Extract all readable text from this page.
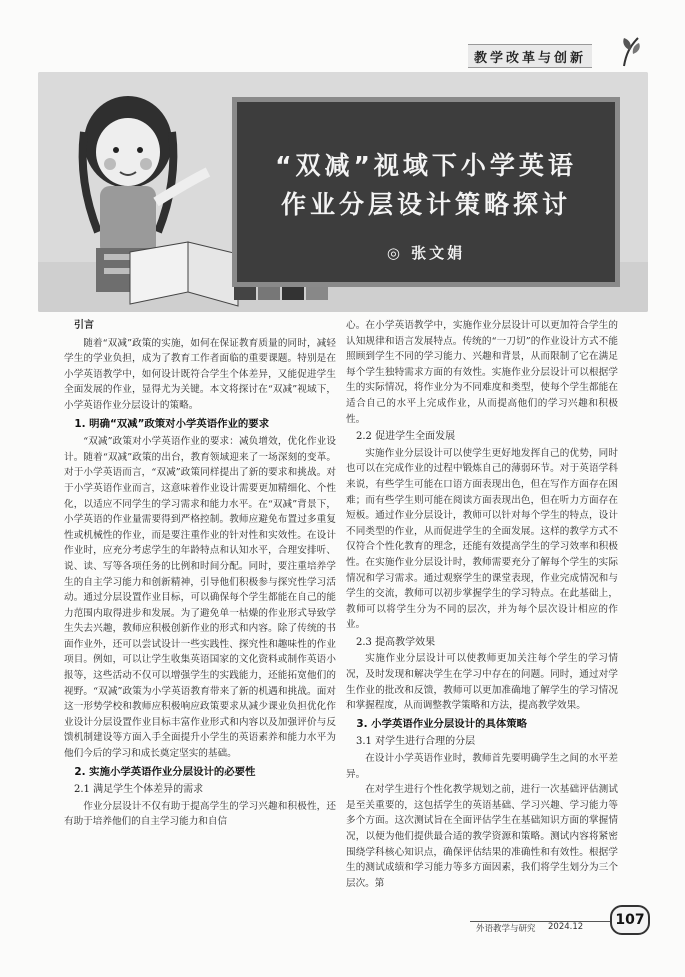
教学改革与创新
“双减”视域下小学英语
作业分层设计策略探讨
◎ 张文娟
引言

随着“双减”政策的实施，如何在保证教育质量的同时，减轻学生的学业负担，成为了教育工作者面临的重要课题。特别是在小学英语教学中，如何设计既符合学生个体差异，又能促进学生全面发展的作业，显得尤为关键。本文将探讨在“双减”视域下，小学英语作业分层设计的策略。

1. 明确“双减”政策对小学英语作业的要求

“双减”政策对小学英语作业的要求：减负增效，优化作业设计。随着“双减”政策的出台，教育领域迎来了一场深刻的变革。对于小学英语而言，“双减”政策同样提出了新的要求和挑战。对于小学英语作业而言，这意味着作业设计需要更加精细化、个性化，以适应不同学生的学习需求和能力水平。在“双减”背景下，小学英语的作业量需要得到严格控制。教师应避免布置过多重复性或机械性的作业，而是要注重作业的针对性和实效性。在设计作业时，应充分考虑学生的年龄特点和认知水平，合理安排听、说、读、写等各项任务的比例和时间分配。同时，要注重培养学生的自主学习能力和创新精神，引导他们积极参与探究性学习活动。通过分层设置作业目标，可以确保每个学生都能在自己的能力范围内取得进步和发展。为了避免单一枯燥的作业形式导致学生失去兴趣，教师应积极创新作业的形式和内容。除了传统的书面作业外，还可以尝试设计一些实践性、探究性和趣味性的作业项目。例如，可以让学生收集英语国家的文化资料或制作英语小报等，这些活动不仅可以增强学生的实践能力，还能拓宽他们的视野。“双减”政策为小学英语教育带来了新的机遇和挑战。面对这一形势学校和教师应积极响应政策要求从减少课业负担优化作业设计分层设置作业目标丰富作业形式和内容以及加强评价与反馈机制建设等方面入手全面提升小学生的英语素养和能力水平为他们今后的学习和成长奠定坚实的基础。

2. 实施小学英语作业分层设计的必要性
2.1 满足学生个体差异的需求

作业分层设计不仅有助于提高学生的学习兴趣和积极性，还有助于培养他们的自主学习能力和自信

心。在小学英语教学中，实施作业分层设计可以更加符合学生的认知规律和语言发展特点。传统的“一刀切”的作业设计方式不能照顾到学生不同的学习能力、兴趣和背景，从而限制了它在满足每个学生独特需求方面的有效性。实施作业分层设计可以根据学生的实际情况，将作业分为不同难度和类型，使每个学生都能在适合自己的水平上完成作业，从而提高他们的学习兴趣和积极性。

2.2 促进学生全面发展

实施作业分层设计可以使学生更好地发挥自己的优势，同时也可以在完成作业的过程中锻炼自己的薄弱环节。对于英语学科来说，有些学生可能在口语方面表现出色，但在写作方面存在困难；而有些学生则可能在阅读方面表现出色，但在听力方面存在短板。通过作业分层设计，教师可以针对每个学生的特点，设计不同类型的作业，从而促进学生的全面发展。这样的教学方式不仅符合个性化教育的理念，还能有效提高学生的学习效率和积极性。在实施作业分层设计时，教师需要充分了解每个学生的实际情况和学习需求。通过观察学生的课堂表现，作业完成情况和与学生的交流，教师可以初步掌握学生的学习特点。在此基础上，教师可以将学生分为不同的层次，并为每个层次设计相应的作业。

2.3 提高教学效果

实施作业分层设计可以使教师更加关注每个学生的学习情况，及时发现和解决学生在学习中存在的问题。同时，通过对学生作业的批改和反馈，教师可以更加准确地了解学生的学习情况和掌握程度，从而调整教学策略和方法，提高教学效果。

3. 小学英语作业分层设计的具体策略
3.1 对学生进行合理的分层

在设计小学英语作业时，教师首先要明确学生之间的水平差异。

在对学生进行个性化教学规划之前，进行一次基础评估测试是至关重要的，这包括学生的英语基础、学习兴趣、学习能力等多个方面。这次测试旨在全面评估学生在基础知识方面的掌握情况，以便为他们提供最合适的教学资源和策略。测试内容将紧密围绕学科核心知识点，确保评估结果的准确性和有效性。根据学生的测试成绩和学习能力等多方面因素，我们将学生划分为三个层次。第

外语教学与研究 2024.12	107
